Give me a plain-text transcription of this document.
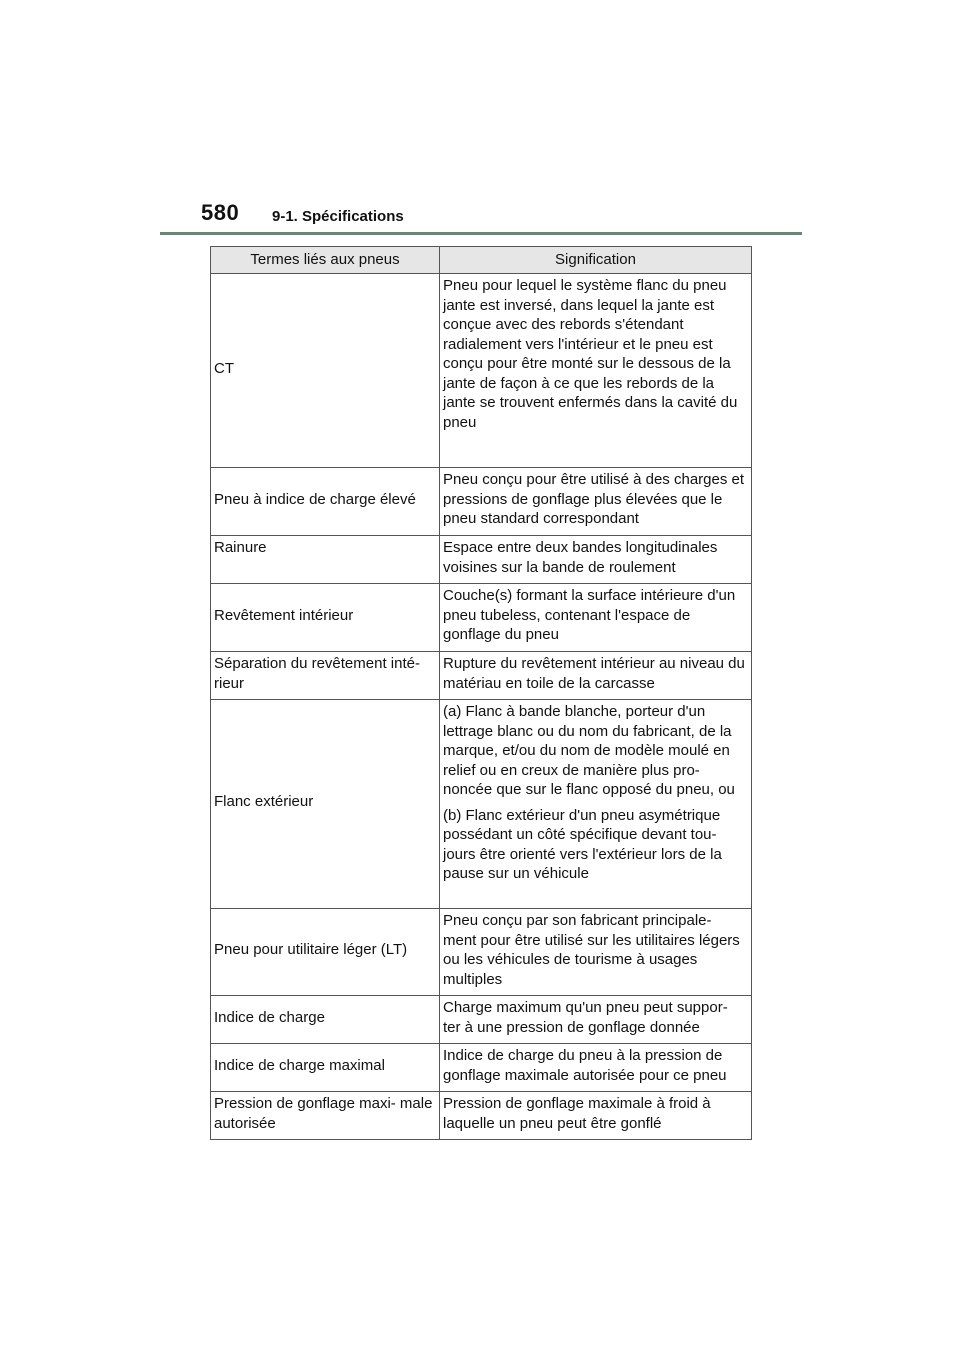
580 9-1. Spécifications
Termes liés aux pneus	Signification
CT	Pneu pour lequel le système flanc du pneu jante est inversé, dans lequel la jante est conçue avec des rebords s'étendant radialement vers l'intérieur et le pneu est conçu pour être monté sur le dessous de la jante de façon à ce que les rebords de la jante se trouvent enfermés dans la cavité du pneu

Pneu à indice de charge élevé	Pneu conçu pour être utilisé à des charges et pressions de gonflage plus élevées que le pneu standard correspondant

Rainure	Espace entre deux bandes longitudinales voisines sur la bande de roulement

Revêtement intérieur	Couche(s) formant la surface intérieure d'un pneu tubeless, contenant l'espace de gonflage du pneu

Séparation du revêtement inté- rieur	Rupture du revêtement intérieur au niveau du matériau en toile de la carcasse

Flanc extérieur	(a) Flanc à bande blanche, porteur d'un lettrage blanc ou du nom du fabricant, de la marque, et/ou du nom de modèle moulé en relief ou en creux de manière plus pro- noncée que sur le flanc opposé du pneu, ou

(b) Flanc extérieur d'un pneu asymétrique possédant un côté spécifique devant tou- jours être orienté vers l'extérieur lors de la pause sur un véhicule

Pneu pour utilitaire léger (LT)	Pneu conçu par son fabricant principale- ment pour être utilisé sur les utilitaires légers ou les véhicules de tourisme à usages multiples

Indice de charge	Charge maximum qu'un pneu peut suppor- ter à une pression de gonflage donnée

Indice de charge maximal	Indice de charge du pneu à la pression de gonflage maximale autorisée pour ce pneu

Pression de gonflage maxi- male autorisée	Pression de gonflage maximale à froid à laquelle un pneu peut être gonflé
